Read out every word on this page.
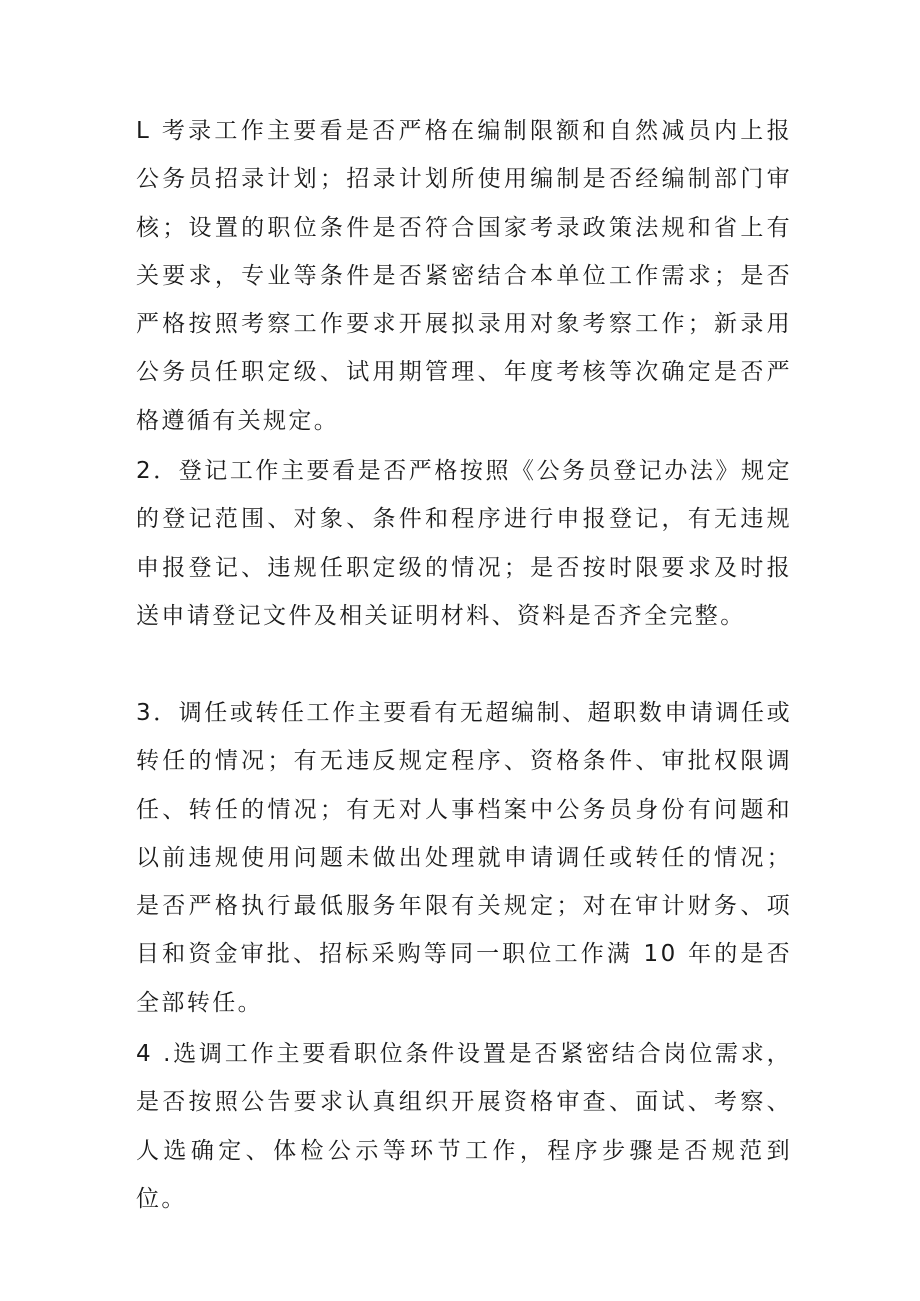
L 考录工作主要看是否严格在编制限额和自然减员内上报公务员招录计划；招录计划所使用编制是否经编制部门审核；设置的职位条件是否符合国家考录政策法规和省上有关要求，专业等条件是否紧密结合本单位工作需求；是否严格按照考察工作要求开展拟录用对象考察工作；新录用公务员任职定级、试用期管理、年度考核等次确定是否严格遵循有关规定。

2．登记工作主要看是否严格按照《公务员登记办法》规定的登记范围、对象、条件和程序进行申报登记，有无违规申报登记、违规任职定级的情况；是否按时限要求及时报送申请登记文件及相关证明材料、资料是否齐全完整。

3．调任或转任工作主要看有无超编制、超职数申请调任或转任的情况；有无违反规定程序、资格条件、审批权限调任、转任的情况；有无对人事档案中公务员身份有问题和以前违规使用问题未做出处理就申请调任或转任的情况；是否严格执行最低服务年限有关规定；对在审计财务、项目和资金审批、招标采购等同一职位工作满 10 年的是否全部转任。

4 .选调工作主要看职位条件设置是否紧密结合岗位需求，是否按照公告要求认真组织开展资格审查、面试、考察、人选确定、体检公示等环节工作，程序步骤是否规范到位。
